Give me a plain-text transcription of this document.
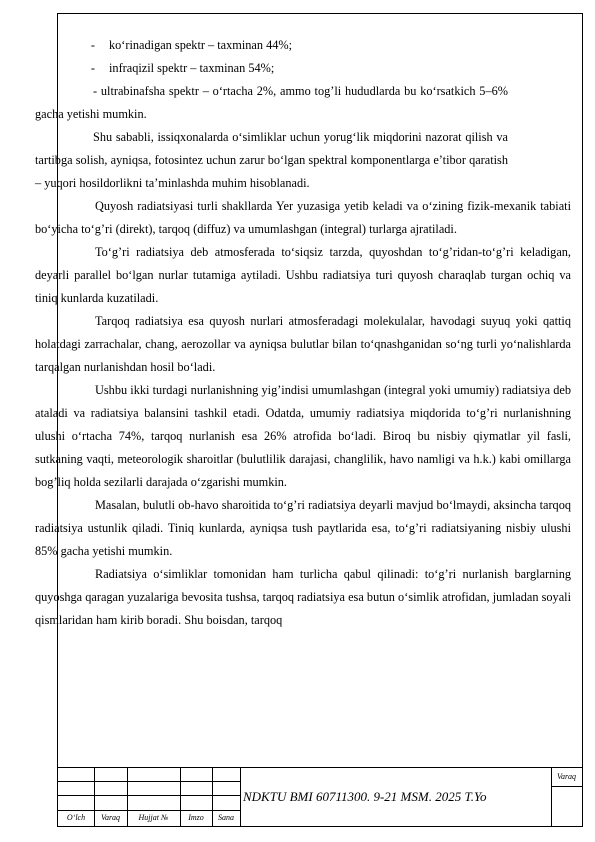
-	ko‘rinadigan spektr – taxminan 44%;
-	infraqizil spektr – taxminan 54%;

- ultrabinafsha spektr – o‘rtacha 2%, ammo tog’li hududlarda bu ko‘rsatkich 5–6% gacha yetishi mumkin.

Shu sababli, issiqxonalarda o‘simliklar uchun yorug‘lik miqdorini nazorat qilish va tartibga solish, ayniqsa, fotosintez uchun zarur bo‘lgan spektral komponentlarga e’tibor qaratish – yuqori hosildorlikni ta’minlashda muhim hisoblanadi.

Quyosh radiatsiyasi turli shakllarda Yer yuzasiga yetib keladi va o‘zining fizik-mexanik tabiati bo‘yicha to‘g’ri (direkt), tarqoq (diffuz) va umumlashgan (integral) turlarga ajratiladi.

To‘g’ri radiatsiya deb atmosferada to‘siqsiz tarzda, quyoshdan to‘g’ridan-to‘g’ri keladigan, deyarli parallel bo‘lgan nurlar tutamiga aytiladi. Ushbu radiatsiya turi quyosh charaqlab turgan ochiq va tiniq kunlarda kuzatiladi.

Tarqoq radiatsiya esa quyosh nurlari atmosferadagi molekulalar, havodagi suyuq yoki qattiq holatdagi zarrachalar, chang, aerozollar va ayniqsa bulutlar bilan to‘qnashganidan so‘ng turli yo‘nalishlarda tarqalgan nurlanishdan hosil bo‘ladi.

Ushbu ikki turdagi nurlanishning yig’indisi umumlashgan (integral yoki umumiy) radiatsiya deb ataladi va radiatsiya balansini tashkil etadi. Odatda, umumiy radiatsiya miqdorida to‘g’ri nurlanishning ulushi o‘rtacha 74%, tarqoq nurlanish esa 26% atrofida bo‘ladi. Biroq bu nisbiy qiymatlar yil fasli, sutkaning vaqti, meteorologik sharoitlar (bulutlilik darajasi, changlilik, havo namligi va h.k.) kabi omillarga bog’liq holda sezilarli darajada o‘zgarishi mumkin.

Masalan, bulutli ob-havo sharoitida to‘g’ri radiatsiya deyarli mavjud bo‘lmaydi, aksincha tarqoq radiatsiya ustunlik qiladi. Tiniq kunlarda, ayniqsa tush paytlarida esa, to‘g’ri radiatsiyaning nisbiy ulushi 85% gacha yetishi mumkin.

Radiatsiya o‘simliklar tomonidan ham turlicha qabul qilinadi: to‘g’ri nurlanish barglarning quyoshga qaragan yuzalariga bevosita tushsa, tarqoq radiatsiya esa butun o‘simlik atrofidan, jumladan soyali qismlaridan ham kirib boradi. Shu boisdan, tarqoq

O‘lch	Varaq	Hujjat №	Imzo	Sana
NDKTU BMI 60711300. 9-21 MSM. 2025 T.Yo
Varaq
